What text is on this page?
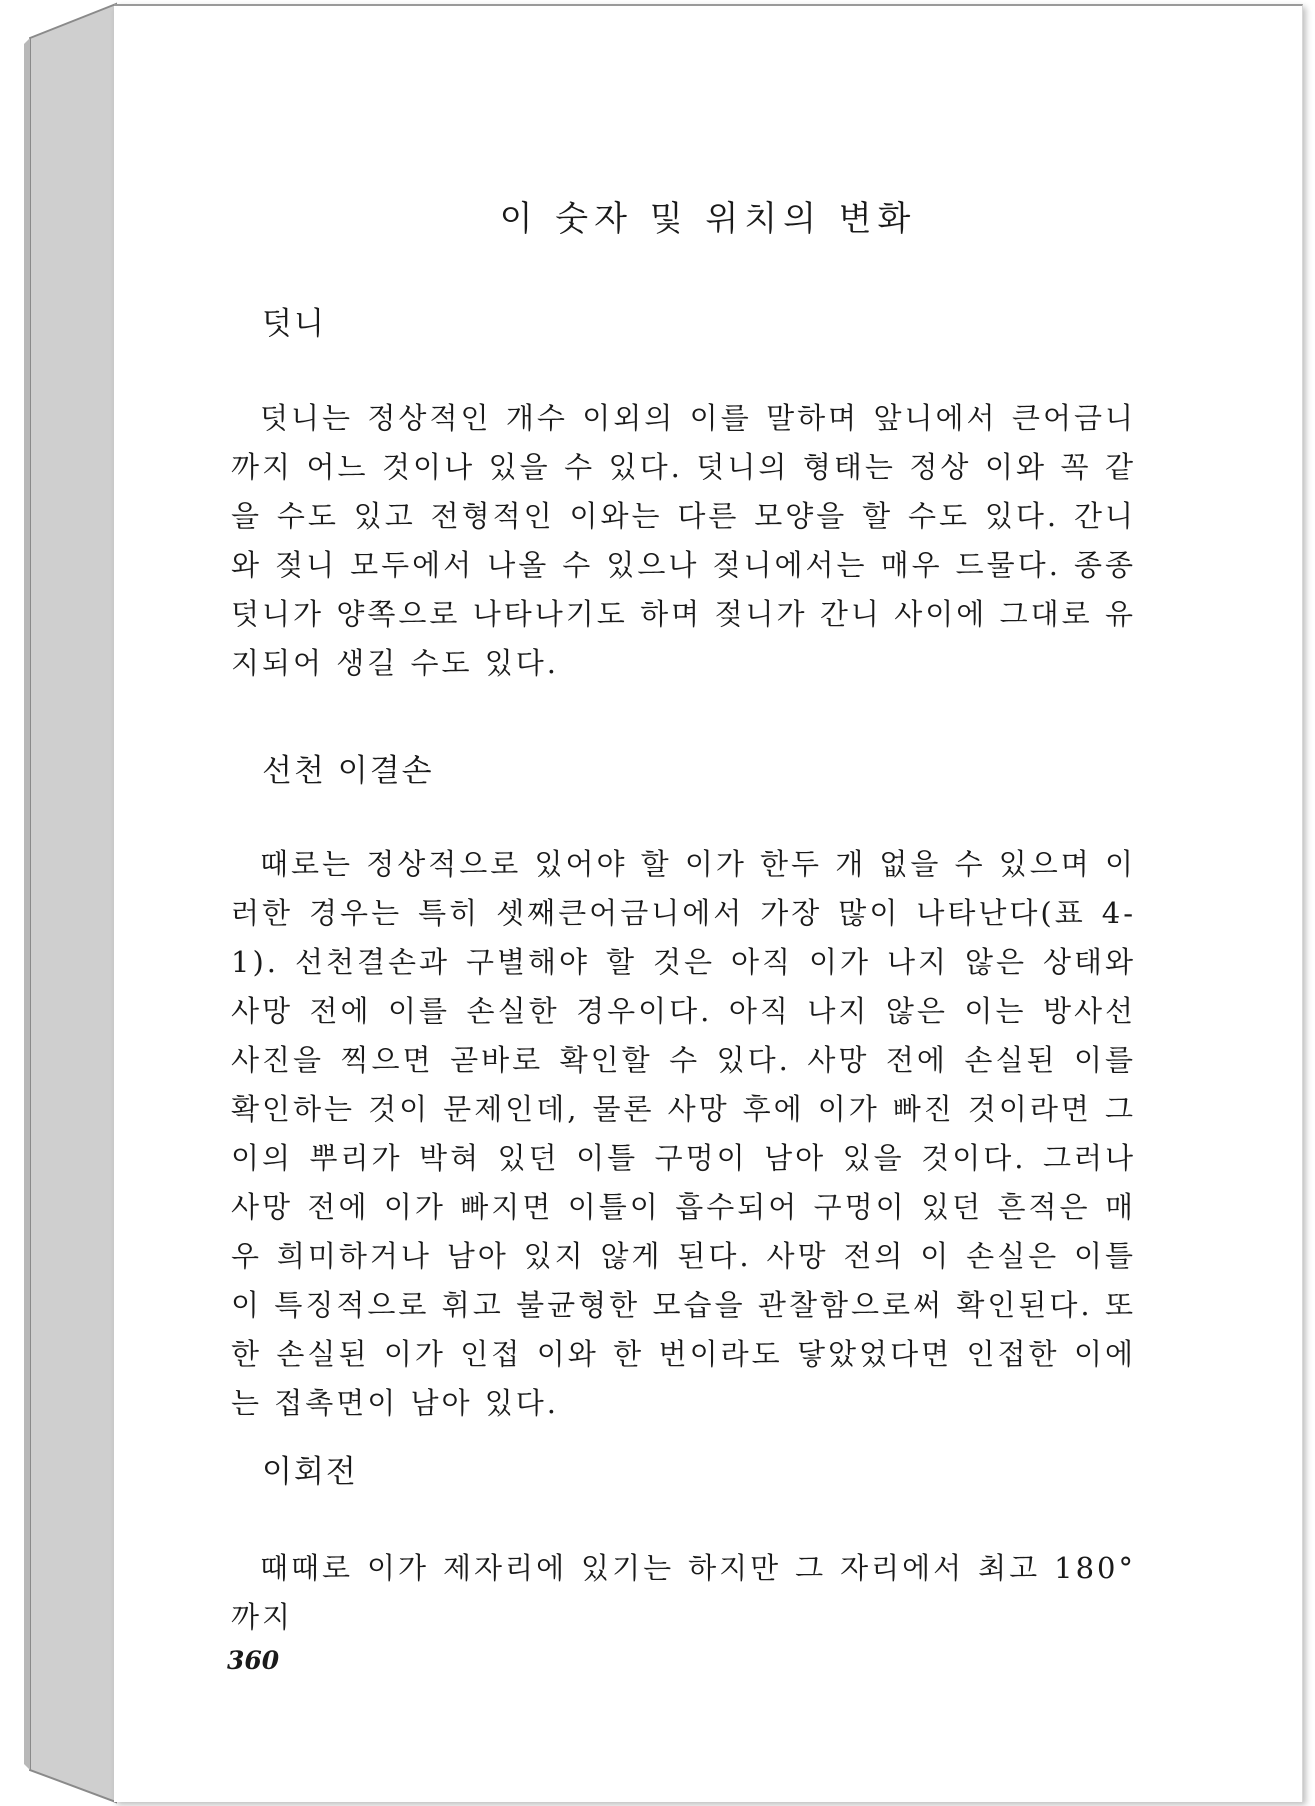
이 숫자 및 위치의 변화
덧니

덧니는 정상적인 개수 이외의 이를 말하며 앞니에서 큰어금니까지 어느 것이나 있을 수 있다. 덧니의 형태는 정상 이와 꼭 같을 수도 있고 전형적인 이와는 다른 모양을 할 수도 있다. 간니와 젖니 모두에서 나올 수 있으나 젖니에서는 매우 드물다. 종종 덧니가 양쪽으로 나타나기도 하며 젖니가 간니 사이에 그대로 유지되어 생길 수도 있다.

선천 이결손

때로는 정상적으로 있어야 할 이가 한두 개 없을 수 있으며 이러한 경우는 특히 셋째큰어금니에서 가장 많이 나타난다(표 4-1). 선천결손과 구별해야 할 것은 아직 이가 나지 않은 상태와 사망 전에 이를 손실한 경우이다. 아직 나지 않은 이는 방사선 사진을 찍으면 곧바로 확인할 수 있다. 사망 전에 손실된 이를 확인하는 것이 문제인데, 물론 사망 후에 이가 빠진 것이라면 그 이의 뿌리가 박혀 있던 이틀 구멍이 남아 있을 것이다. 그러나 사망 전에 이가 빠지면 이틀이 흡수되어 구멍이 있던 흔적은 매우 희미하거나 남아 있지 않게 된다. 사망 전의 이 손실은 이틀이 특징적으로 휘고 불균형한 모습을 관찰함으로써 확인된다. 또한 손실된 이가 인접 이와 한 번이라도 닿았었다면 인접한 이에는 접촉면이 남아 있다.

이회전

때때로 이가 제자리에 있기는 하지만 그 자리에서 최고 180°까지

360
